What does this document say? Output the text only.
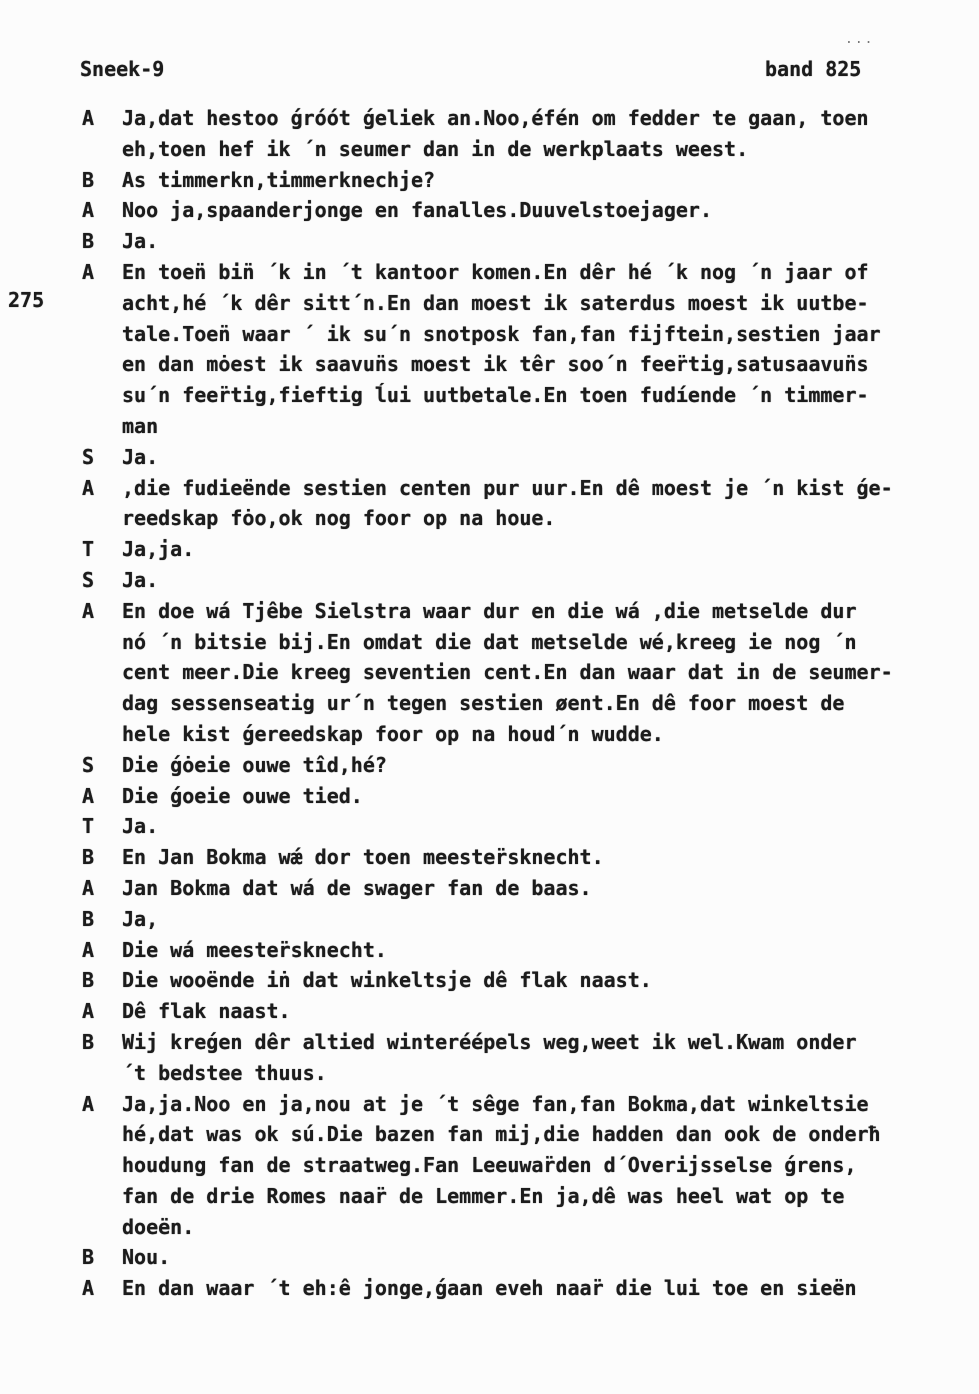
Sneek-9	band 825
...
275
A Ja,dat hestoo ǵróót ǵeliek an.Noo,éfén om fedder te gaan, toen
eh,toen hef ik ´n seumer dan in de werkplaats weest.
B As timmerkn,timmerknechje?
A Noo ja,spaanderjonge en fanalles.Duuvelstoejager.
B Ja.
A En toen̈ bin̈ ´k in ´t kantoor komen.En dêr hé ´k nog ´n jaar of
acht,hé ´k dêr sitt´n.En dan moest ik saterdus moest ik uutbe-
tale.Toen̈ waar ´ ik su´n snotposk fan,fan fijftein,sestien jaar
en dan mȯest ik saavun̈s moest ik têr soo´n feer̈tig,satusaavun̈s
su´n feer̈tig,fieftig ĺui uutbetale.En toen fudíende ´n timmer-
man
S Ja.
A ,die fudieënde sestien centen pur uur.En dê moest je ´n kist ǵe-
reedskap fȯo,ok nog foor op na houe.
T Ja,ja.
S Ja.
A En doe wá Tjêbe Sielstra waar dur en die wá ,die metselde dur
nó ´n bitsie bij.En omdat die dat metselde wé,kreeg ie nog ´n
cent meer.Die kreeg seventien cent.En dan waar dat in de seumer-
dag sessenseatig ur´n tegen sestien øent.En dê foor moest de
hele kist ǵereedskap foor op na houd´n wudde.
S Die ǵȯeie ouwe tîd,hé?
A Die ǵoeie ouwe tied.
T Ja.
B En Jan Bokma wǽ dor toen meester̈sknecht.
A Jan Bokma dat wá de swager fan de baas.
B Ja,
A Die wá meester̈sknecht.
B Die wooënde iṅ dat winkeltsje dê flak naast.
A Dê flak naast.
B Wij kreǵen dêr altied winteréépels weg,weet ik wel.Kwam onder
´t bedstee thuus.
A Ja,ja.Noo en ja,nou at je ´t sêge fan,fan Bokma,dat winkeltsie
hé,dat was ok sú.Die bazen fan mij,die hadden dan ook de onderħ
houdung fan de straatweg.Fan Leeuwar̈den d´Overijsselse ǵrens,
fan de drie Romes naar̈ de Lemmer.En ja,dê was heel wat op te
doeën.
B Nou.
A En dan waar ´t eh:ê jonge,ǵaan eveh naar̈ die lui toe en sieën
